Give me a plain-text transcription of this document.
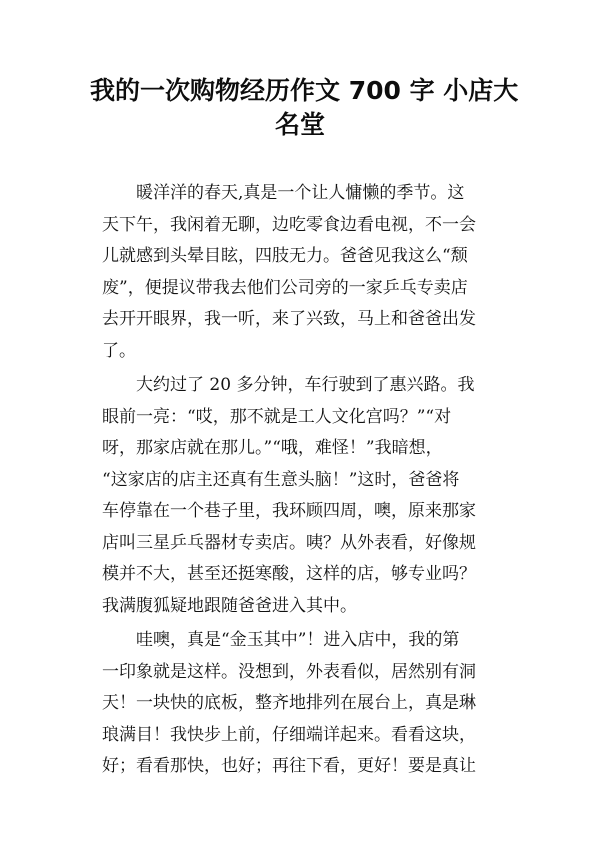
我的一次购物经历作文 700 字 小店大
名堂

　　暖洋洋的春天,真是一个让人慵懒的季节。这
天下午，我闲着无聊，边吃零食边看电视，不一会
儿就感到头晕目眩，四肢无力。爸爸见我这么“颓
废”，便提议带我去他们公司旁的一家乒乓专卖店
去开开眼界，我一听，来了兴致，马上和爸爸出发
了。

　　大约过了 20 多分钟，车行驶到了惠兴路。我
眼前一亮：“哎，那不就是工人文化宫吗？”“对
呀，那家店就在那儿。”“哦，难怪！”我暗想，
“这家店的店主还真有生意头脑！”这时，爸爸将
车停靠在一个巷子里，我环顾四周，噢，原来那家
店叫三星乒乓器材专卖店。咦？从外表看，好像规
模并不大，甚至还挺寒酸，这样的店，够专业吗？
我满腹狐疑地跟随爸爸进入其中。

　　哇噢，真是“金玉其中”！进入店中，我的第
一印象就是这样。没想到，外表看似，居然别有洞
天！一块快的底板，整齐地排列在展台上，真是琳
琅满目！我快步上前，仔细端详起来。看看这块，
好；看看那快，也好；再往下看，更好！要是真让
